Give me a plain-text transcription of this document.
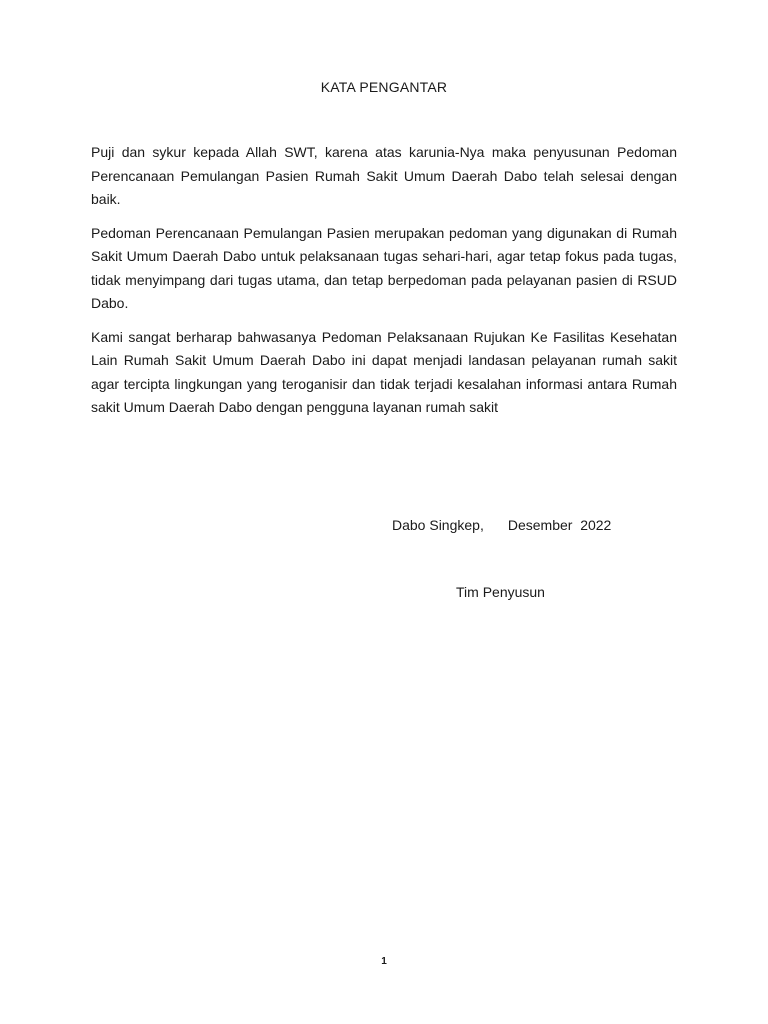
KATA PENGANTAR

Puji dan sykur kepada Allah SWT, karena atas karunia-Nya maka penyusunan Pedoman Perencanaan Pemulangan Pasien Rumah Sakit Umum Daerah Dabo telah selesai dengan baik.

Pedoman Perencanaan Pemulangan Pasien merupakan pedoman yang digunakan di Rumah Sakit Umum Daerah Dabo untuk pelaksanaan tugas sehari-hari, agar tetap fokus pada tugas, tidak menyimpang dari tugas utama, dan tetap berpedoman pada pelayanan pasien di RSUD Dabo.

Kami sangat berharap bahwasanya Pedoman Pelaksanaan Rujukan Ke Fasilitas Kesehatan Lain Rumah Sakit Umum Daerah Dabo ini dapat menjadi landasan pelayanan rumah sakit agar tercipta lingkungan yang teroganisir dan tidak terjadi kesalahan informasi antara Rumah sakit Umum Daerah Dabo dengan pengguna layanan rumah sakit

Dabo Singkep, Desember  2022
Tim Penyusun
1
